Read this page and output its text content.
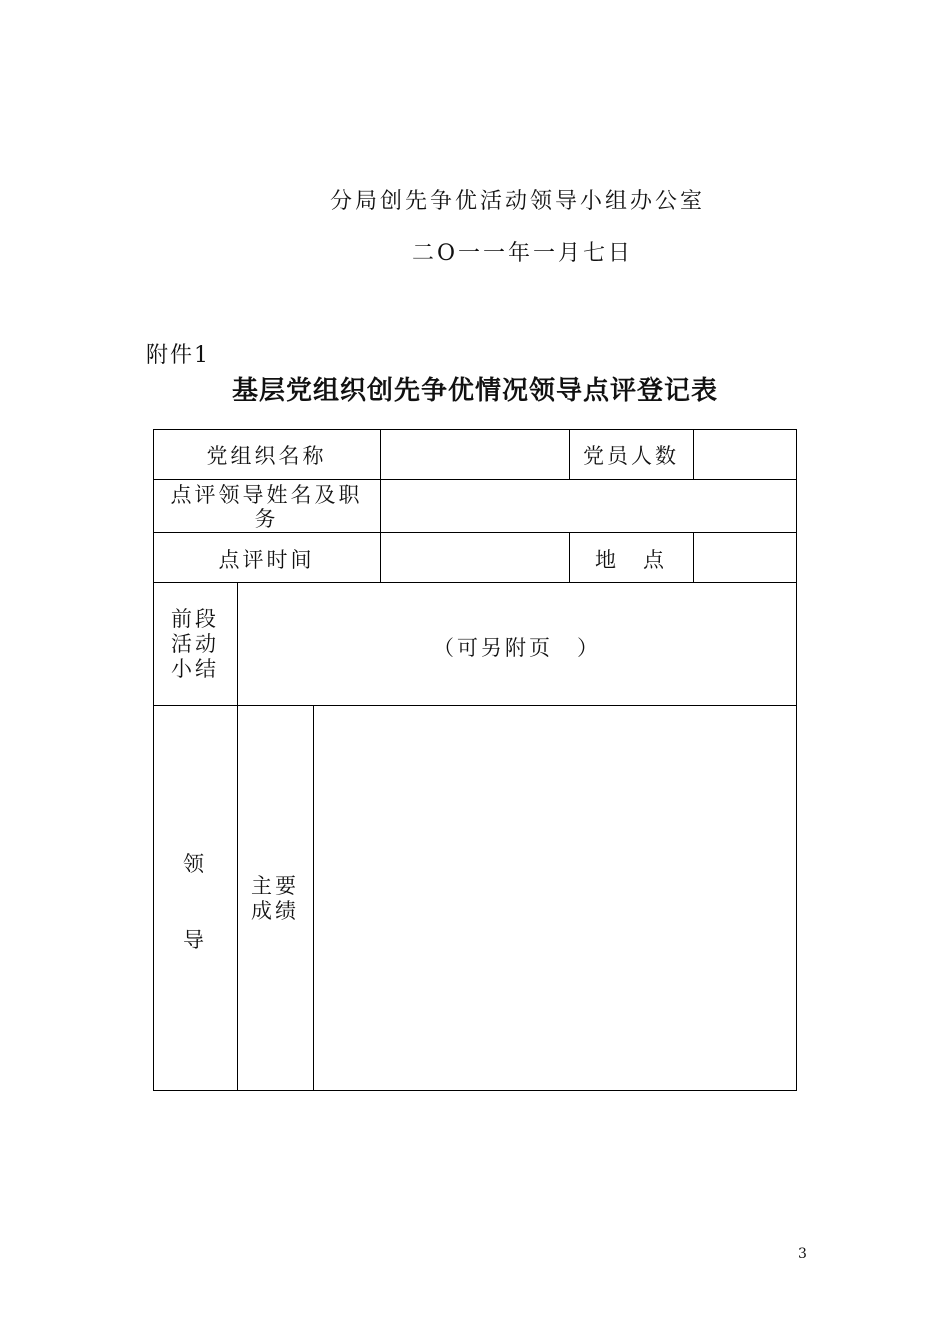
分局创先争优活动领导小组办公室
二О一一年一月七日
附件1
基层党组织创先争优情况领导点评登记表
党组织名称	党员人数
点评领导姓名及职
务
点评时间	地　点
前段
活动
小结
（可另附页　）
领
导
主要
成绩
3
